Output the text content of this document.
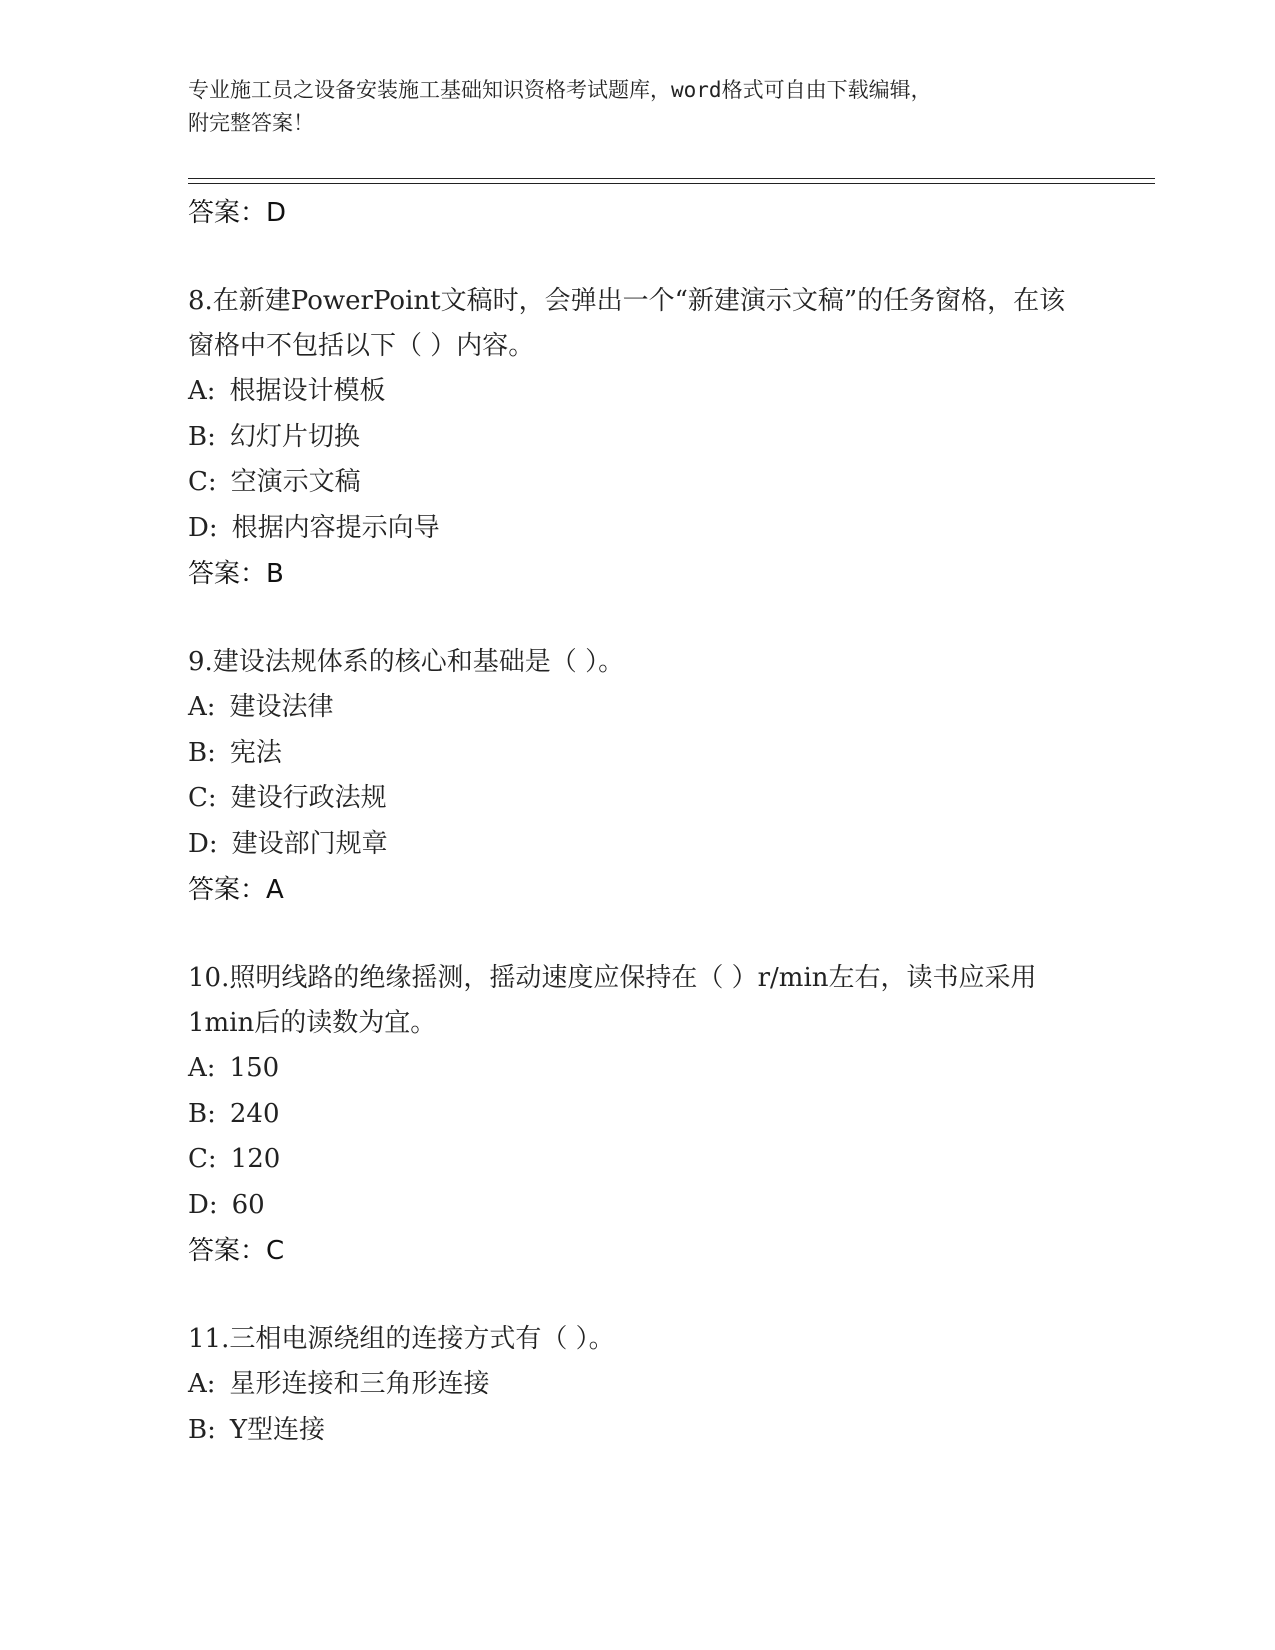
专业施工员之设备安装施工基础知识资格考试题库，word格式可自由下载编辑，
附完整答案！
答案：D
8.在新建PowerPoint文稿时，会弹出一个“新建演示文稿”的任务窗格，在该窗格中不包括以下（ ）内容。
A: 根据设计模板
B: 幻灯片切换
C: 空演示文稿
D: 根据内容提示向导
答案：B
9.建设法规体系的核心和基础是（ ）。
A: 建设法律
B: 宪法
C: 建设行政法规
D: 建设部门规章
答案：A
10.照明线路的绝缘摇测，摇动速度应保持在（ ）r/min左右，读书应采用1min后的读数为宜。
A: 150
B: 240
C: 120
D: 60
答案：C
11.三相电源绕组的连接方式有（ ）。
A: 星形连接和三角形连接
B: Y型连接
